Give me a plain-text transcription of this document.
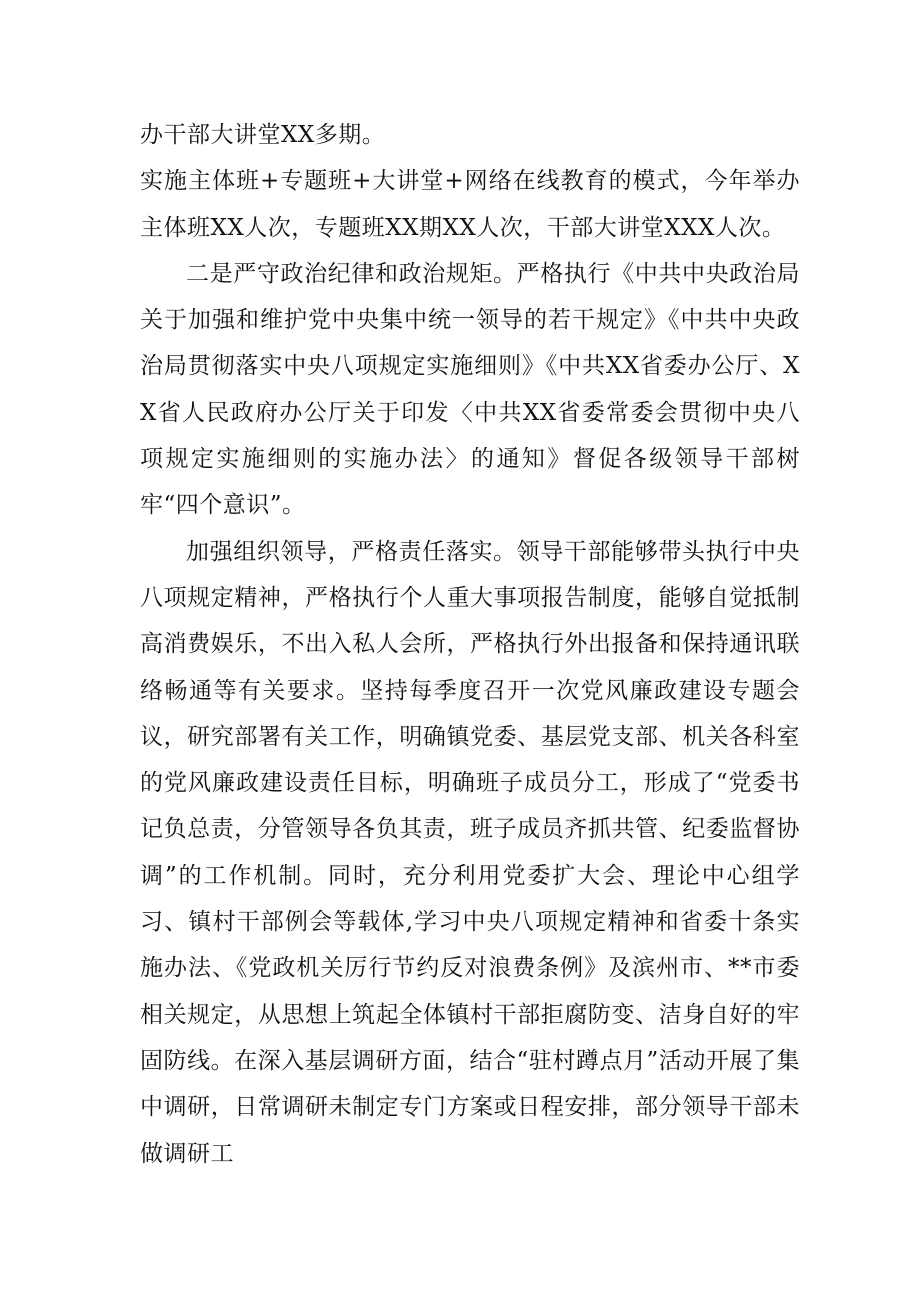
办干部大讲堂XX多期。

实施主体班+专题班+大讲堂+网络在线教育的模式，今年举办主体班XX人次，专题班XX期XX人次，干部大讲堂XXX人次。

二是严守政治纪律和政治规矩。严格执行《中共中央政治局关于加强和维护党中央集中统一领导的若干规定》《中共中央政治局贯彻落实中央八项规定实施细则》《中共XX省委办公厅、XX省人民政府办公厅关于印发〈中共XX省委常委会贯彻中央八项规定实施细则的实施办法〉的通知》督促各级领导干部树牢“四个意识”。

加强组织领导，严格责任落实。领导干部能够带头执行中央八项规定精神，严格执行个人重大事项报告制度，能够自觉抵制高消费娱乐，不出入私人会所，严格执行外出报备和保持通讯联络畅通等有关要求。坚持每季度召开一次党风廉政建设专题会议，研究部署有关工作，明确镇党委、基层党支部、机关各科室的党风廉政建设责任目标，明确班子成员分工，形成了“党委书记负总责，分管领导各负其责，班子成员齐抓共管、纪委监督协调”的工作机制。同时，充分利用党委扩大会、理论中心组学习、镇村干部例会等载体,学习中央八项规定精神和省委十条实施办法、《党政机关厉行节约反对浪费条例》及滨州市、**市委相关规定，从思想上筑起全体镇村干部拒腐防变、洁身自好的牢固防线。在深入基层调研方面，结合“驻村蹲点月”活动开展了集中调研，日常调研未制定专门方案或日程安排，部分领导干部未做调研工
